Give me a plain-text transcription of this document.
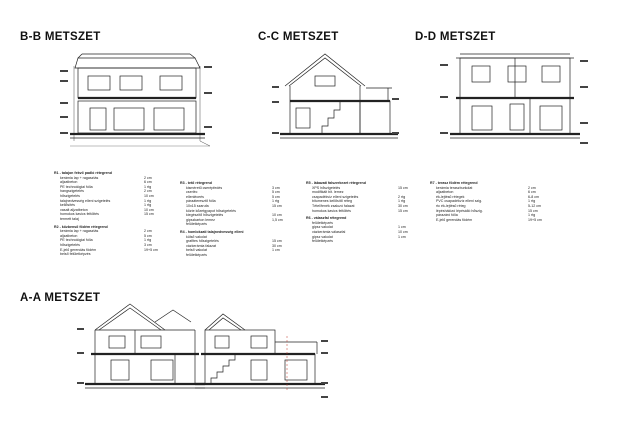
B-B METSZET	C-C METSZET	D-D METSZET
A-A METSZET
R1 - talajon fekvő padló rétegrend
kerámia lap + ragasztás	2 cm
aljzatbeton	6 cm
PE technológiai fólia	1 rtg
hangszigetelés	2 cm
hőszigetelés	10 cm
talajnedvesség elleni szigetelés	1 rtg
kellősítés	1 rtg
vasalt aljzatbeton	10 cm
homokos kavics feltöltés	15 cm
termett talaj
R2 - közbenső födém rétegrend
kerámia lap + ragasztás	2 cm
aljzatbeton	5 cm
PE technológiai fólia	1 rtg
hőszigetelés	3 cm
E-jelű gerendás födém	19+5 cm
belső felületképzés
R3 - tető rétegrend
kisméretű cserépfedés	3 cm
cserléc	5 cm
ellenléceés	5 cm
páraáteresztő fólia	1 rtg
10x15 szarufa	15 cm
közte kőzetgyapot hőszigetelés
kiegészítő hőszigetelés	10 cm
gipszkarton lemez	1,5 cm
felületképzés
R4 - homlokzati talajnedvesség elleni
külső vakolat
grafites hőszigetelés	15 cm
vázkerámia falazat	30 cm
belső vakolat	1 cm
felületképzés
R5 - lábazati falszerkezet rétegrend
XPS hőszigetelés	15 cm
modifikált bit. lemez
csapadékvíz elleni szigetelés	2 rtg
bitumenes kellősítő réteg	1 rtg
Tétel/fenék zsaluzó falazat	30 cm
homokos kavics feltöltés	15 cm
R6 - válaszfal rétegrend
felületképzés
gipsz vakolat	1 cm
vázkerámia válaszfal	10 cm
gipsz vakolat	1 cm
felületképzés
R7 - terasz födém rétegrend
kerámia teraszburkolat	2 cm
aljzatbeton	6 cm
ék-lejtésű rétegek	6-8 cm
PVC csapadékvíz elleni szig.	1 rtg
rtc ék-lejtésű réteg	5-12 cm
lépéshálózó lépésálló hőszig.	15 cm
párazáró fólia	1 rtg
E-jelű gerendás födém	19+5 cm
